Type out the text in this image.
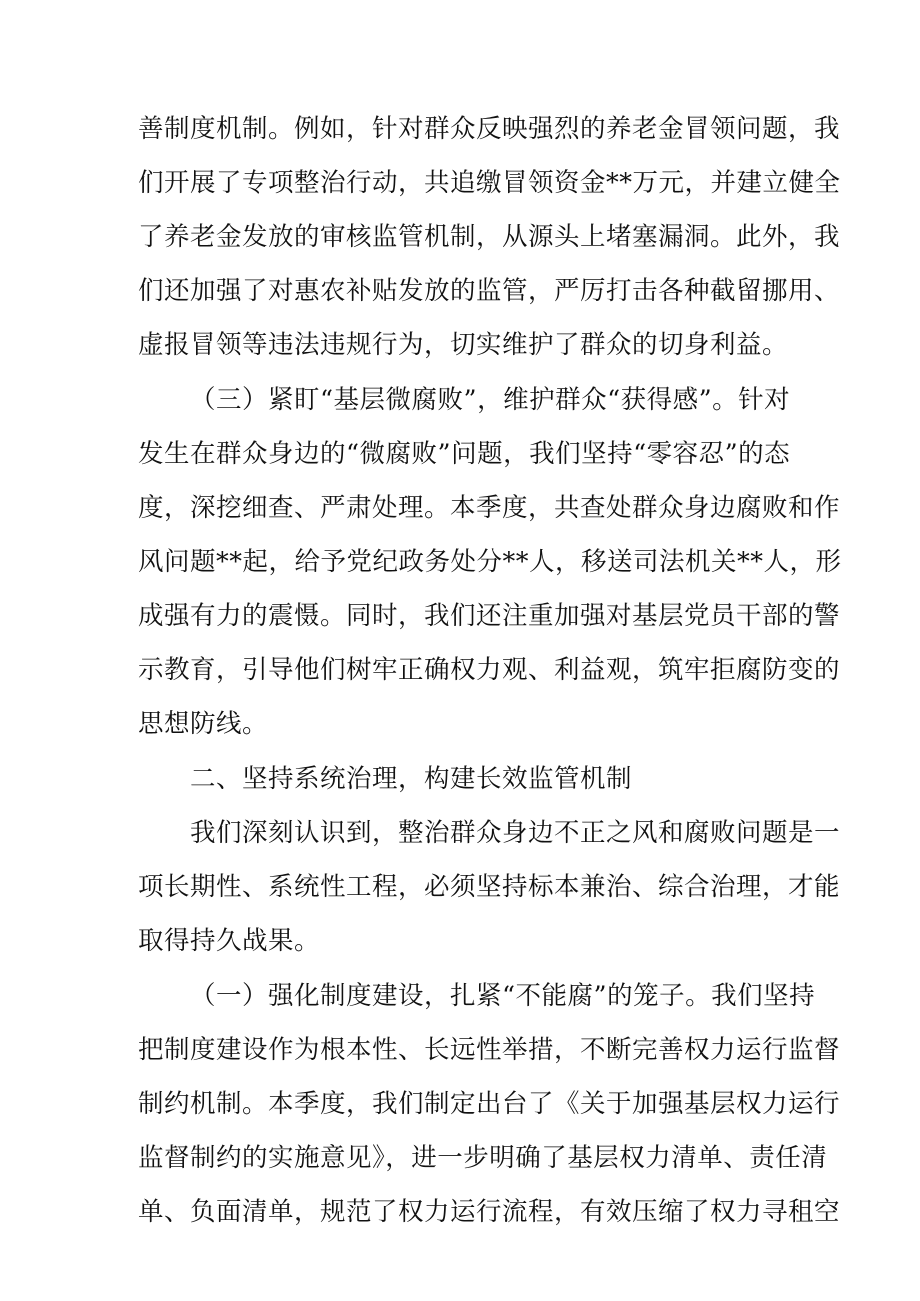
善制度机制。例如，针对群众反映强烈的养老金冒领问题，我

们开展了专项整治行动，共追缴冒领资金**万元，并建立健全

了养老金发放的审核监管机制，从源头上堵塞漏洞。此外，我

们还加强了对惠农补贴发放的监管，严厉打击各种截留挪用、

虚报冒领等违法违规行为，切实维护了群众的切身利益。

（三）紧盯“基层微腐败”，维护群众“获得感”。针对

发生在群众身边的“微腐败”问题，我们坚持“零容忍”的态

度，深挖细查、严肃处理。本季度，共查处群众身边腐败和作

风问题**起，给予党纪政务处分**人，移送司法机关**人，形

成强有力的震慑。同时，我们还注重加强对基层党员干部的警

示教育，引导他们树牢正确权力观、利益观，筑牢拒腐防变的

思想防线。

二、坚持系统治理，构建长效监管机制

我们深刻认识到，整治群众身边不正之风和腐败问题是一

项长期性、系统性工程，必须坚持标本兼治、综合治理，才能

取得持久战果。

（一）强化制度建设，扎紧“不能腐”的笼子。我们坚持

把制度建设作为根本性、长远性举措，不断完善权力运行监督

制约机制。本季度，我们制定出台了《关于加强基层权力运行

监督制约的实施意见》，进一步明确了基层权力清单、责任清

单、负面清单，规范了权力运行流程，有效压缩了权力寻租空
